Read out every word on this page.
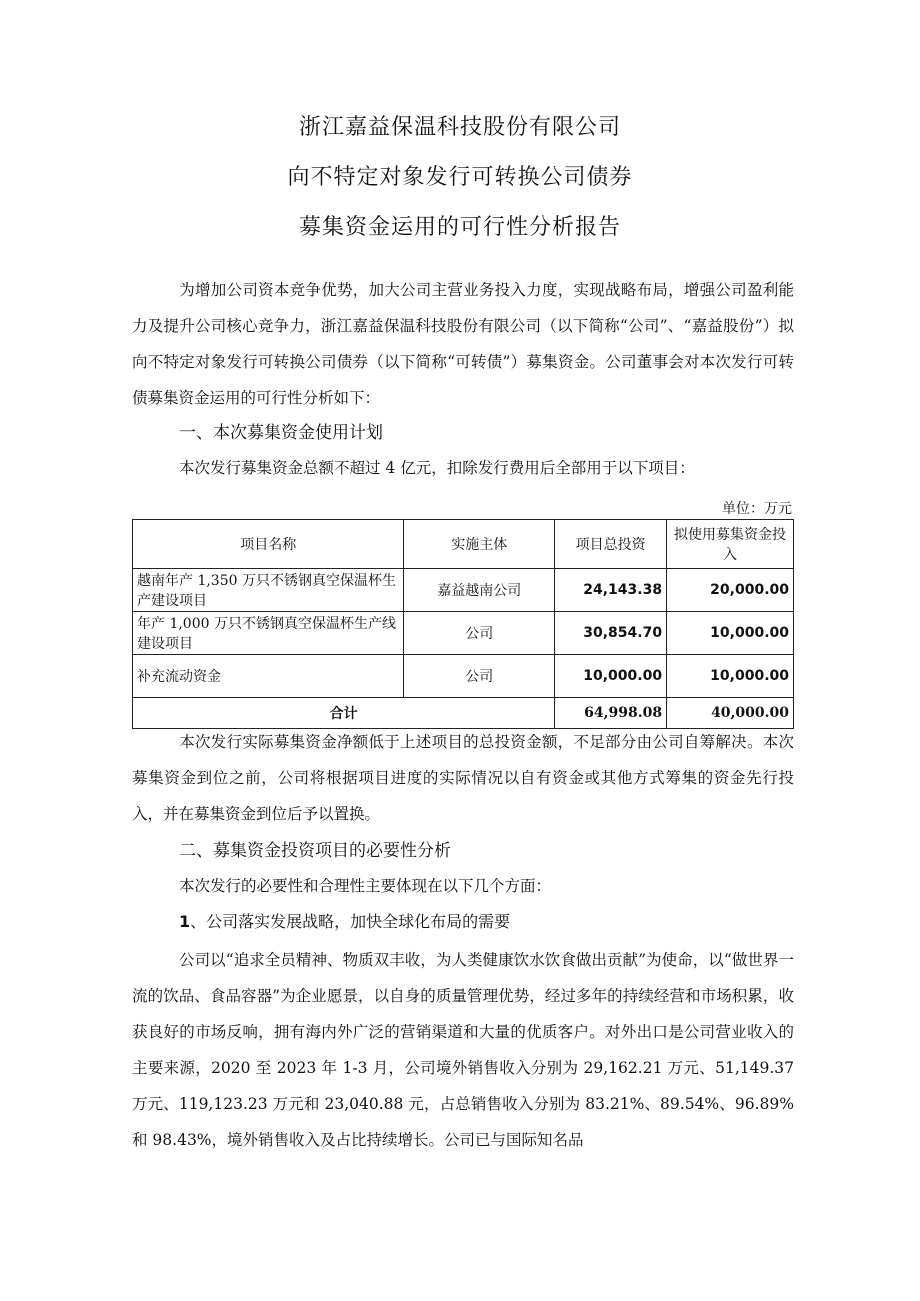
浙江嘉益保温科技股份有限公司
向不特定对象发行可转换公司债券
募集资金运用的可行性分析报告
为增加公司资本竞争优势，加大公司主营业务投入力度，实现战略布局，增强公司盈利能力及提升公司核心竞争力，浙江嘉益保温科技股份有限公司（以下简称“公司”、“嘉益股份”）拟向不特定对象发行可转换公司债券（以下简称“可转债”）募集资金。公司董事会对本次发行可转债募集资金运用的可行性分析如下：
一、本次募集资金使用计划
本次发行募集资金总额不超过 4 亿元，扣除发行费用后全部用于以下项目：
单位：万元
项目名称	实施主体	项目总投资	拟使用募集资金投入
越南年产 1,350 万只不锈钢真空保温杯生产建设项目	嘉益越南公司	24,143.38	20,000.00
年产 1,000 万只不锈钢真空保温杯生产线建设项目	公司	30,854.70	10,000.00
补充流动资金	公司	10,000.00	10,000.00
合计		64,998.08	40,000.00
本次发行实际募集资金净额低于上述项目的总投资金额，不足部分由公司自筹解决。本次募集资金到位之前，公司将根据项目进度的实际情况以自有资金或其他方式筹集的资金先行投入，并在募集资金到位后予以置换。
二、募集资金投资项目的必要性分析
本次发行的必要性和合理性主要体现在以下几个方面：
1、公司落实发展战略，加快全球化布局的需要
公司以“追求全员精神、物质双丰收，为人类健康饮水饮食做出贡献”为使命，以“做世界一流的饮品、食品容器”为企业愿景，以自身的质量管理优势，经过多年的持续经营和市场积累，收获良好的市场反响，拥有海内外广泛的营销渠道和大量的优质客户。对外出口是公司营业收入的主要来源，2020 至 2023 年 1-3 月，公司境外销售收入分别为 29,162.21 万元、51,149.37 万元、119,123.23 万元和 23,040.88 元，占总销售收入分别为 83.21%、89.54%、96.89%和 98.43%，境外销售收入及占比持续增长。公司已与国际知名品
